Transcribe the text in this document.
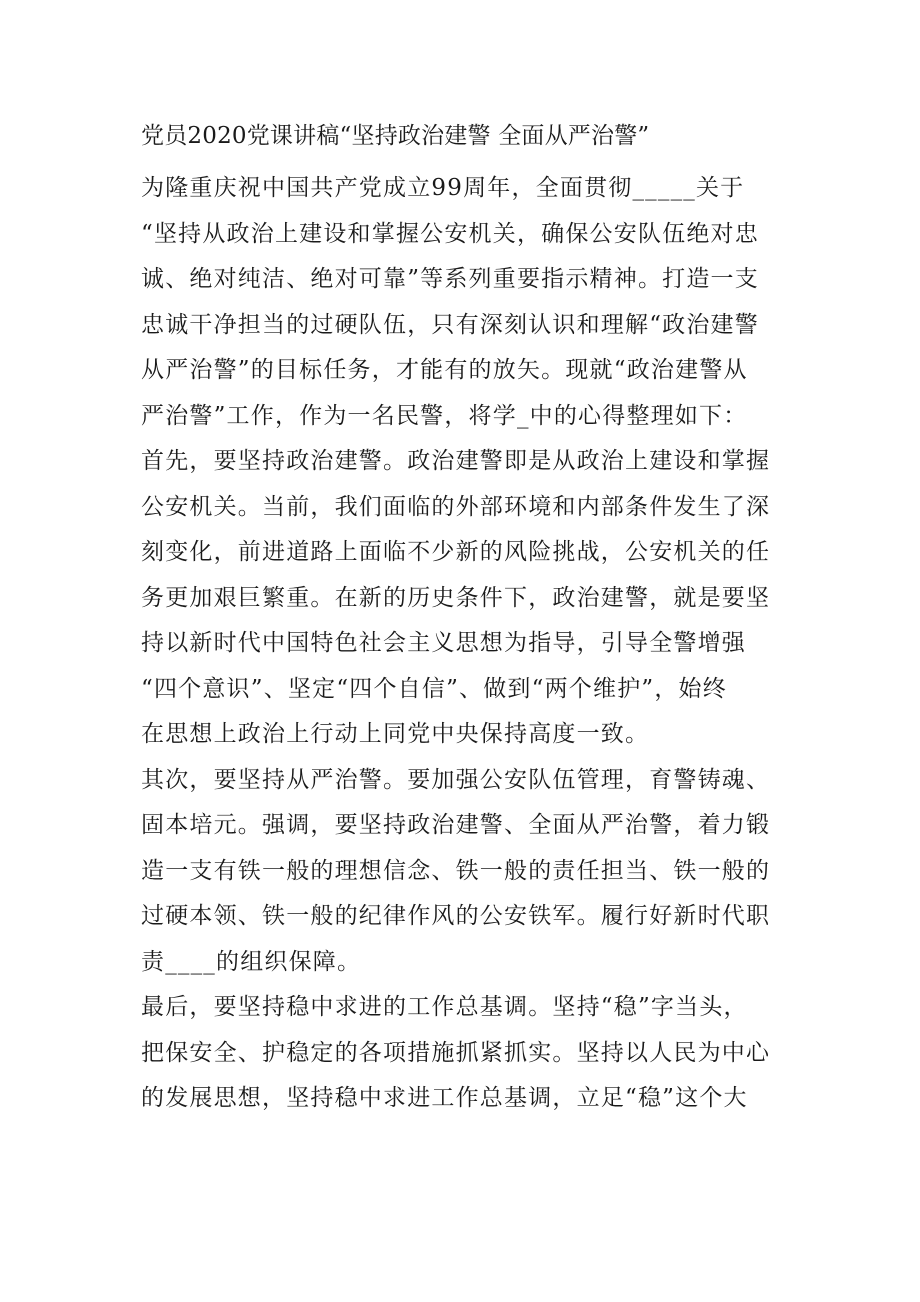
党员2020党课讲稿“坚持政治建警 全面从严治警”
为隆重庆祝中国共产党成立99周年，全面贯彻_____关于
“坚持从政治上建设和掌握公安机关，确保公安队伍绝对忠
诚、绝对纯洁、绝对可靠”等系列重要指示精神。打造一支
忠诚干净担当的过硬队伍，只有深刻认识和理解“政治建警
从严治警”的目标任务，才能有的放矢。现就“政治建警从
严治警”工作，作为一名民警，将学_中的心得整理如下：
首先，要坚持政治建警。政治建警即是从政治上建设和掌握
公安机关。当前，我们面临的外部环境和内部条件发生了深
刻变化，前进道路上面临不少新的风险挑战，公安机关的任
务更加艰巨繁重。在新的历史条件下，政治建警，就是要坚
持以新时代中国特色社会主义思想为指导，引导全警增强
“四个意识”、坚定“四个自信”、做到“两个维护”，始终
在思想上政治上行动上同党中央保持高度一致。
其次，要坚持从严治警。要加强公安队伍管理，育警铸魂、
固本培元。强调，要坚持政治建警、全面从严治警，着力锻
造一支有铁一般的理想信念、铁一般的责任担当、铁一般的
过硬本领、铁一般的纪律作风的公安铁军。履行好新时代职
责____的组织保障。
最后，要坚持稳中求进的工作总基调。坚持“稳”字当头，
把保安全、护稳定的各项措施抓紧抓实。坚持以人民为中心
的发展思想，坚持稳中求进工作总基调，立足“稳”这个大
